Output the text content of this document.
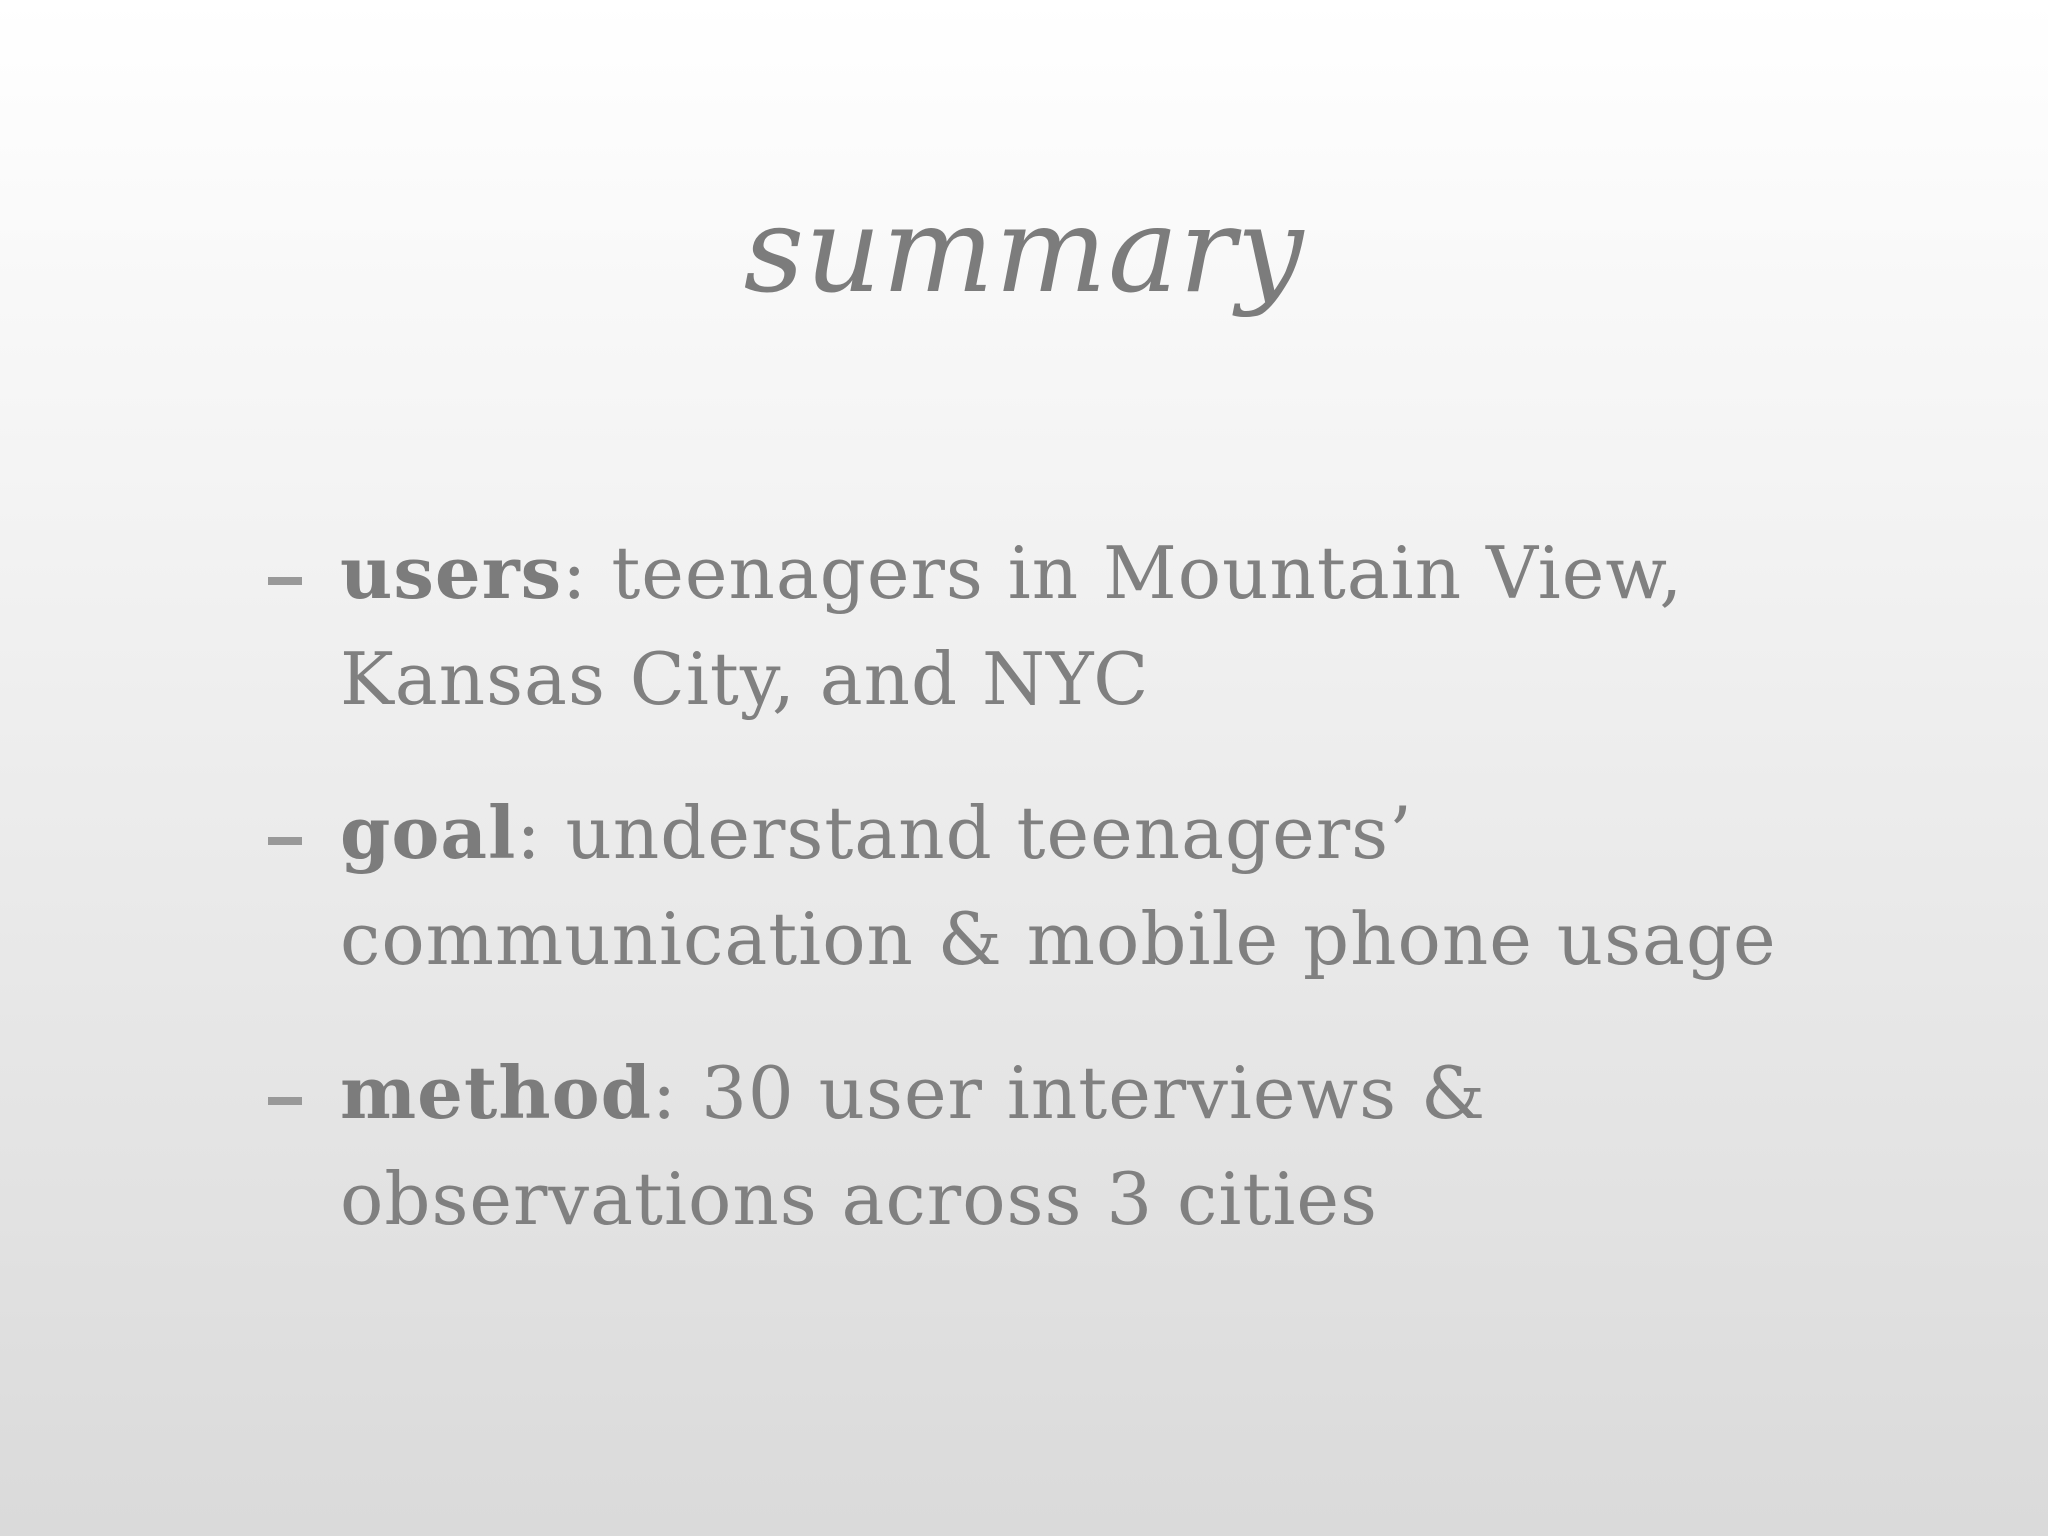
summary
users: teenagers in Mountain View, Kansas City, and NYC
goal: understand teenagers’ communication & mobile phone usage
method: 30 user interviews & observations across 3 cities
